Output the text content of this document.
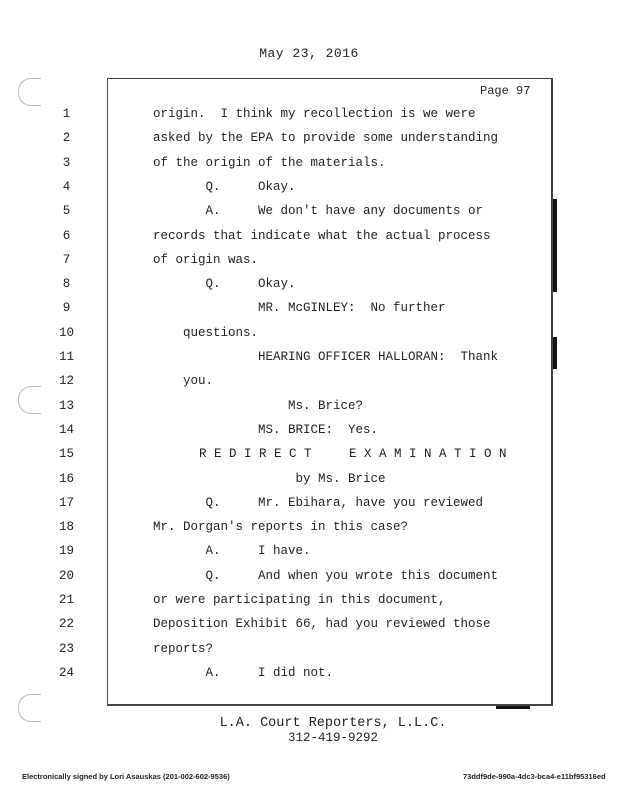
May 23, 2016
Page 97
1	origin.  I think my recollection is we were
2	asked by the EPA to provide some understanding
3	of the origin of the materials.
4	Q.     Okay.
5	A.     We don't have any documents or
6	records that indicate what the actual process
7	of origin was.
8	Q.     Okay.
9	MR. McGINLEY:  No further
10	questions.
11	HEARING OFFICER HALLORAN:  Thank
12	you.
13	Ms. Brice?
14	MS. BRICE:  Yes.
15	REDIRECT  EXAMINATION
16	by Ms. Brice
17	Q.     Mr. Ebihara, have you reviewed
18	Mr. Dorgan's reports in this case?
19	A.     I have.
20	Q.     And when you wrote this document
21	or were participating in this document,
22	Deposition Exhibit 66, had you reviewed those
23	reports?
24	A.     I did not.
L.A. Court Reporters, L.L.C.
312-419-9292
Electronically signed by Lori Asauskas (201-002-602-9536)	73ddf9de-990a-4dc3-bca4-e11bf95316ed
